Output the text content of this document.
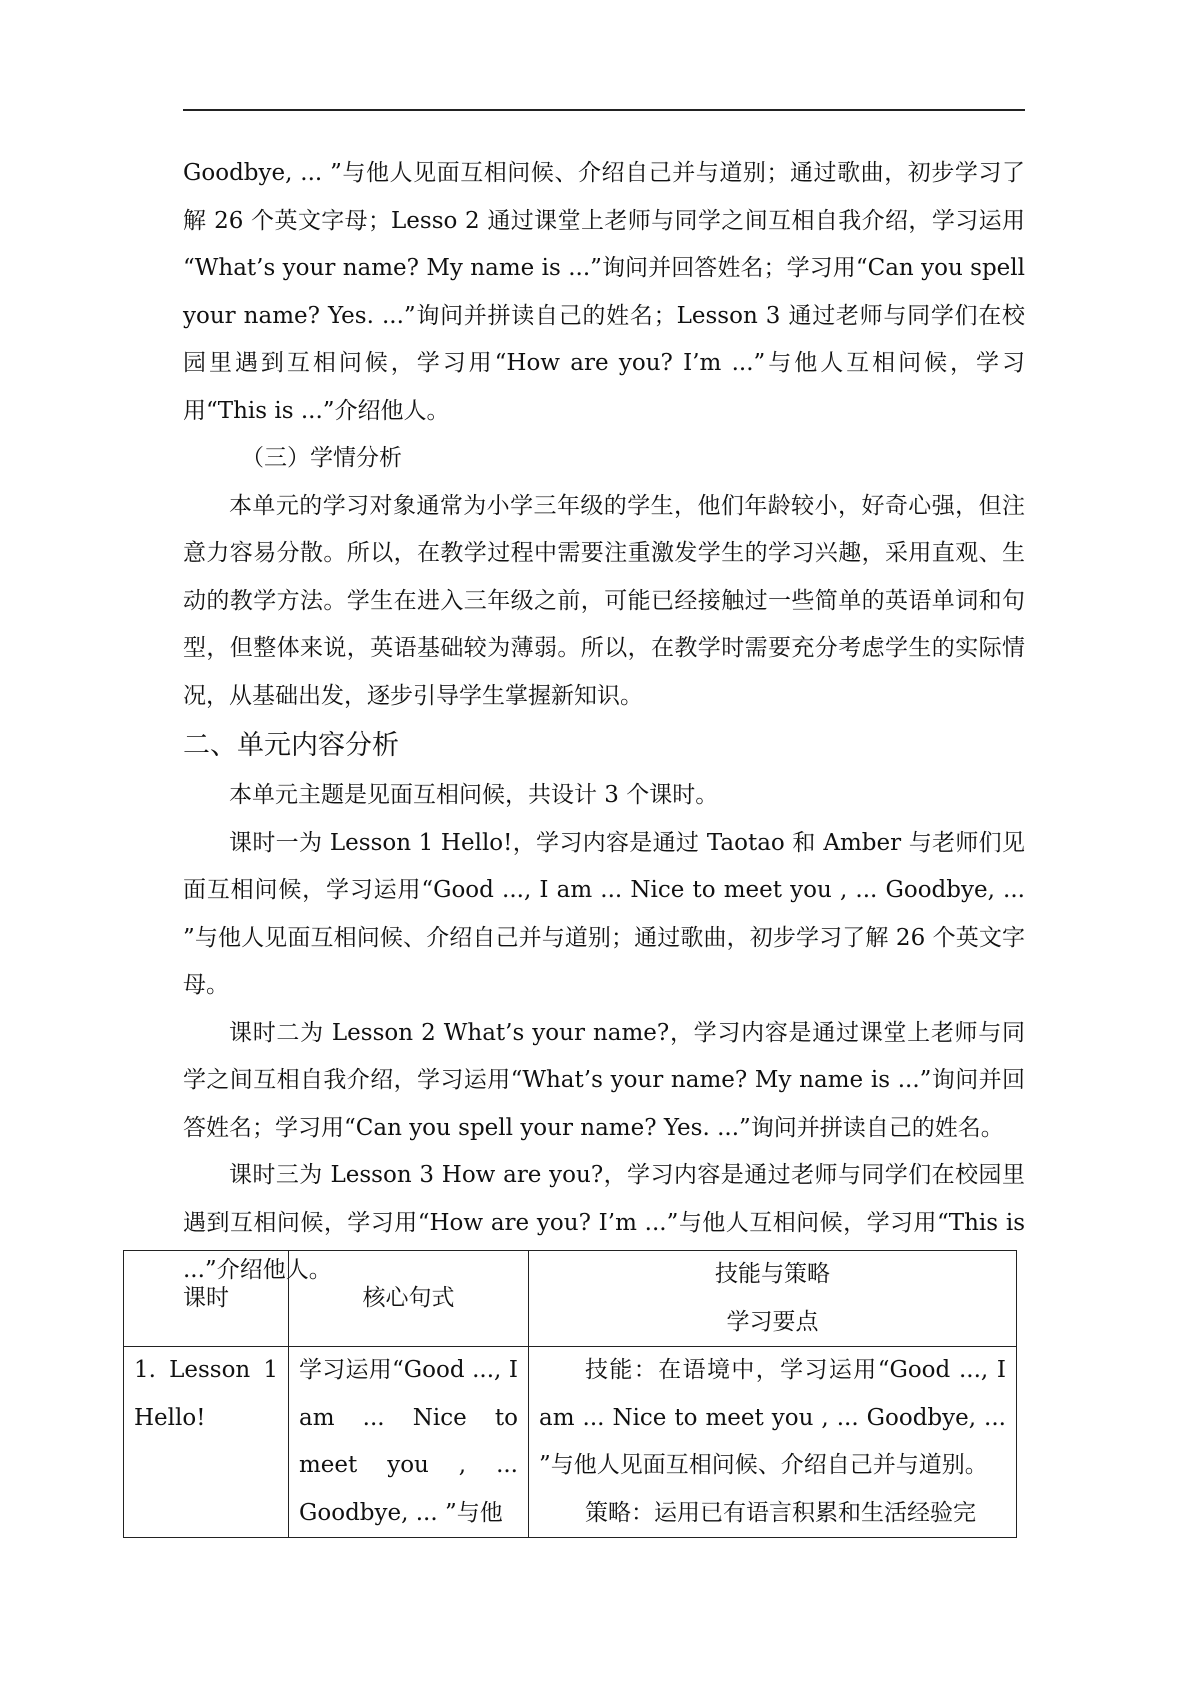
Goodbye, ... ”与他人见面互相问候、介绍自己并与道别；通过歌曲，初步学习了解 26 个英文字母；Lesso 2 通过课堂上老师与同学之间互相自我介绍，学习运用 “What’s your name? My name is ...”询问并回答姓名；学习用“Can you spell your name? Yes. ...”询问并拼读自己的姓名；Lesson 3 通过老师与同学们在校园里遇到互相问候，学习用“How are you? I’m ...”与他人互相问候，学习用“This is ...”介绍他人。

（三）学情分析

本单元的学习对象通常为小学三年级的学生，他们年龄较小，好奇心强，但注意力容易分散。所以，在教学过程中需要注重激发学生的学习兴趣，采用直观、生动的教学方法。学生在进入三年级之前，可能已经接触过一些简单的英语单词和句型，但整体来说，英语基础较为薄弱。所以，在教学时需要充分考虑学生的实际情况，从基础出发，逐步引导学生掌握新知识。

二、单元内容分析

本单元主题是见面互相问候，共设计 3 个课时。

课时一为 Lesson 1 Hello!，学习内容是通过 Taotao 和 Amber 与老师们见面互相问候，学习运用“Good ..., I am ... Nice to meet you , ... Goodbye, ... ”与他人见面互相问候、介绍自己并与道别；通过歌曲，初步学习了解 26 个英文字母。

课时二为 Lesson 2 What’s your name?，学习内容是通过课堂上老师与同学之间互相自我介绍，学习运用“What’s your name? My name is ...”询问并回答姓名；学习用“Can you spell your name? Yes. ...”询问并拼读自己的姓名。

课时三为 Lesson 3 How are you?，学习内容是通过老师与同学们在校园里遇到互相问候，学习用“How are you? I’m ...”与他人互相问候，学习用“This is ...”介绍他人。

课时	核心句式	技能与策略
学习要点

1. Lesson 1 Hello!	学习运用“Good ..., I am ... Nice to meet you , ... Goodbye, ... ”与他	技能：在语境中，学习运用“Good ..., I am ... Nice to meet you , ... Goodbye, ... ”与他人见面互相问候、介绍自己并与道别。

策略：运用已有语言积累和生活经验完
